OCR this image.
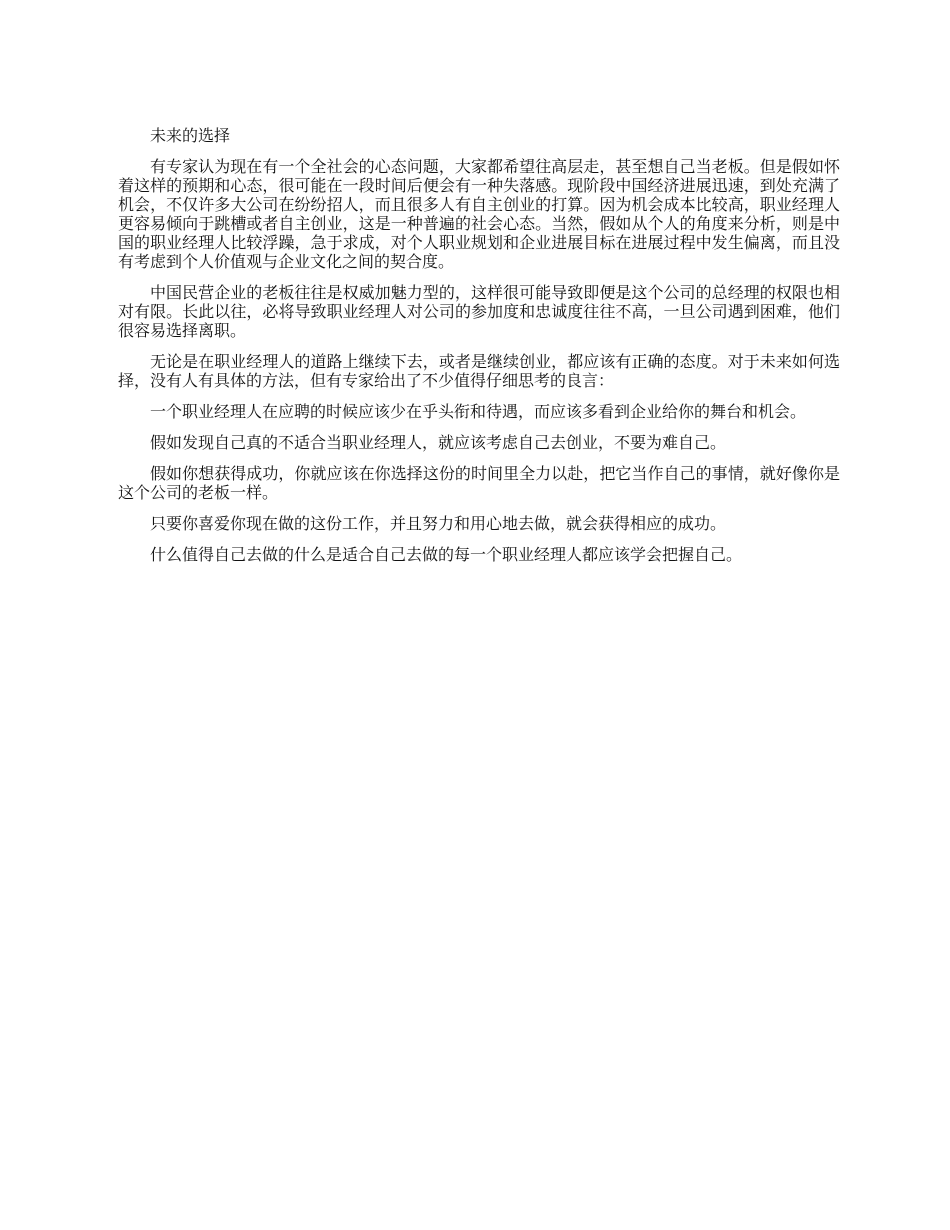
未来的选择

有专家认为现在有一个全社会的心态问题，大家都希望往高层走，甚至想自己当老板。但是假如怀着这样的预期和心态，很可能在一段时间后便会有一种失落感。现阶段中国经济进展迅速，到处充满了机会，不仅许多大公司在纷纷招人，而且很多人有自主创业的打算。因为机会成本比较高，职业经理人更容易倾向于跳槽或者自主创业，这是一种普遍的社会心态。当然，假如从个人的角度来分析，则是中国的职业经理人比较浮躁，急于求成，对个人职业规划和企业进展目标在进展过程中发生偏离，而且没有考虑到个人价值观与企业文化之间的契合度。

中国民营企业的老板往往是权威加魅力型的，这样很可能导致即便是这个公司的总经理的权限也相对有限。长此以往，必将导致职业经理人对公司的参加度和忠诚度往往不高，一旦公司遇到困难，他们很容易选择离职。

无论是在职业经理人的道路上继续下去，或者是继续创业，都应该有正确的态度。对于未来如何选择，没有人有具体的方法，但有专家给出了不少值得仔细思考的良言：

一个职业经理人在应聘的时候应该少在乎头衔和待遇，而应该多看到企业给你的舞台和机会。

假如发现自己真的不适合当职业经理人，就应该考虑自己去创业，不要为难自己。

假如你想获得成功，你就应该在你选择这份的时间里全力以赴，把它当作自己的事情，就好像你是这个公司的老板一样。

只要你喜爱你现在做的这份工作，并且努力和用心地去做，就会获得相应的成功。

什么值得自己去做的什么是适合自己去做的每一个职业经理人都应该学会把握自己。
